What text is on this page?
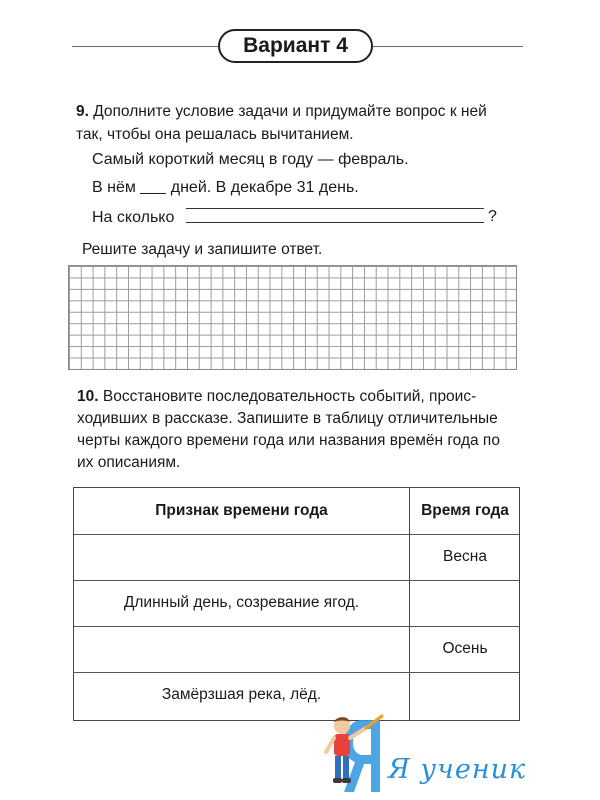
Вариант 4
9. Дополните условие задачи и придумайте вопрос к ней
так, чтобы она решалась вычитанием.
Самый короткий месяц в году — февраль.
В нём  дней. В декабре 31 день.
На сколько	?
Решите задачу и запишите ответ.
10. Восстановите последовательность событий, проис-
ходивших в рассказе. Запишите в таблицу отличительные
черты каждого времени года или названия времён года по
их описаниям.
Признак времени года	Время года
Весна
Длинный день, созревание ягод.
Осень
Замёрзшая река, лёд.
Я ученик
